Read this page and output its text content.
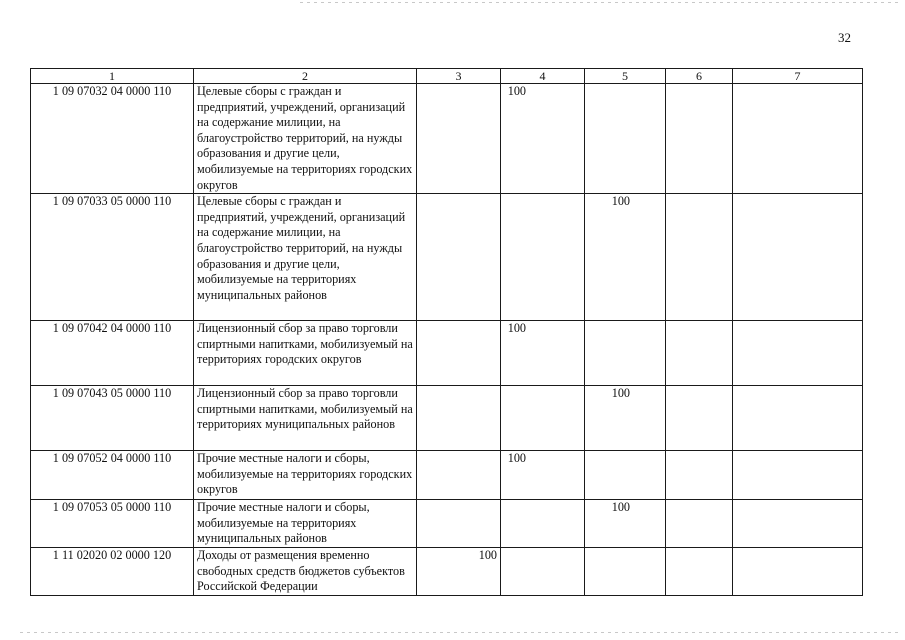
32
1	2	3	4	5	6	7
1 09 07032 04 0000 110	Целевые сборы с граждан и предприятий, учреждений, организаций на содержание милиции, на благоустройство территорий, на нужды образования и другие цели, мобилизуемые на территориях городских округов		100			
1 09 07033 05 0000 110	Целевые сборы с граждан и предприятий, учреждений, организаций на содержание милиции, на благоустройство территорий, на нужды образования и другие цели, мобилизуемые на территориях муниципальных районов			100		
1 09 07042 04 0000 110	Лицензионный сбор за право торговли спиртными напитками, мобилизуемый на территориях городских округов		100			
1 09 07043 05 0000 110	Лицензионный сбор за право торговли спиртными напитками, мобилизуемый на территориях муниципальных районов			100		
1 09 07052 04 0000 110	Прочие местные налоги и сборы, мобилизуемые на территориях городских округов		100			
1 09 07053 05 0000 110	Прочие местные налоги и сборы, мобилизуемые на территориях муниципальных районов			100		
1 11 02020 02 0000 120	Доходы от размещения временно свободных средств бюджетов субъектов Российской Федерации	100				
